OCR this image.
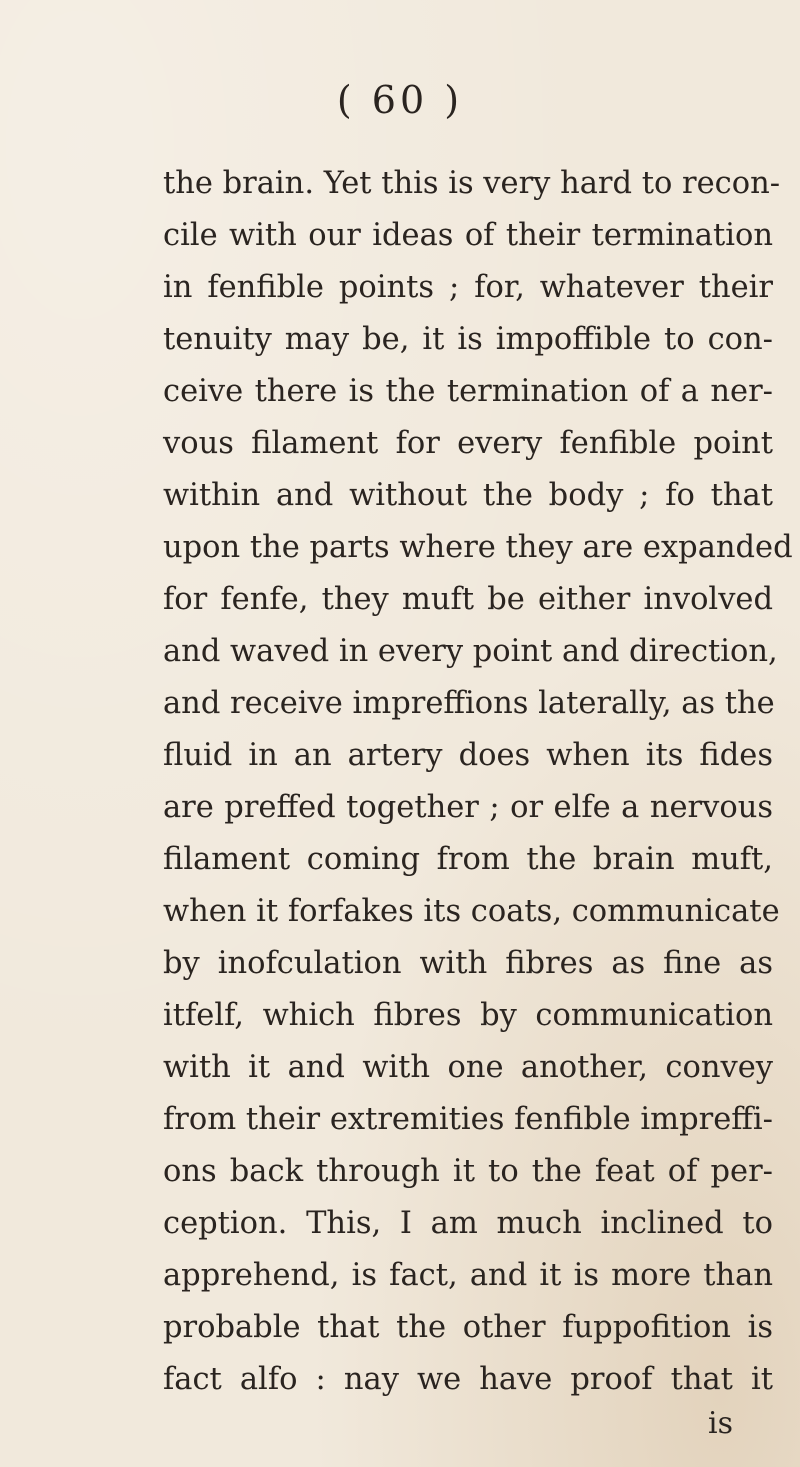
( 60 )

the brain. Yet this is very hard to recon-
cile with our ideas of their termination
in fenfible points ; for, whatever their
tenuity may be, it is impoffible to con-
ceive there is the termination of a ner-
vous filament for every fenfible point
within and without the body ; fo that
upon the parts where they are expanded
for fenfe, they muft be either involved
and waved in every point and direction,
and receive impreffions laterally, as the
fluid in an artery does when its fides
are preffed together ; or elfe a nervous
filament coming from the brain muft,
when it forfakes its coats, communicate
by inofculation with fibres as fine as
itfelf, which fibres by communication
with it and with one another, convey
from their extremities fenfible impreffi-
ons back through it to the feat of per-
ception. This, I am much inclined to
apprehend, is fact, and it is more than
probable that the other fuppofition is
fact alfo : nay we have proof that it

is
